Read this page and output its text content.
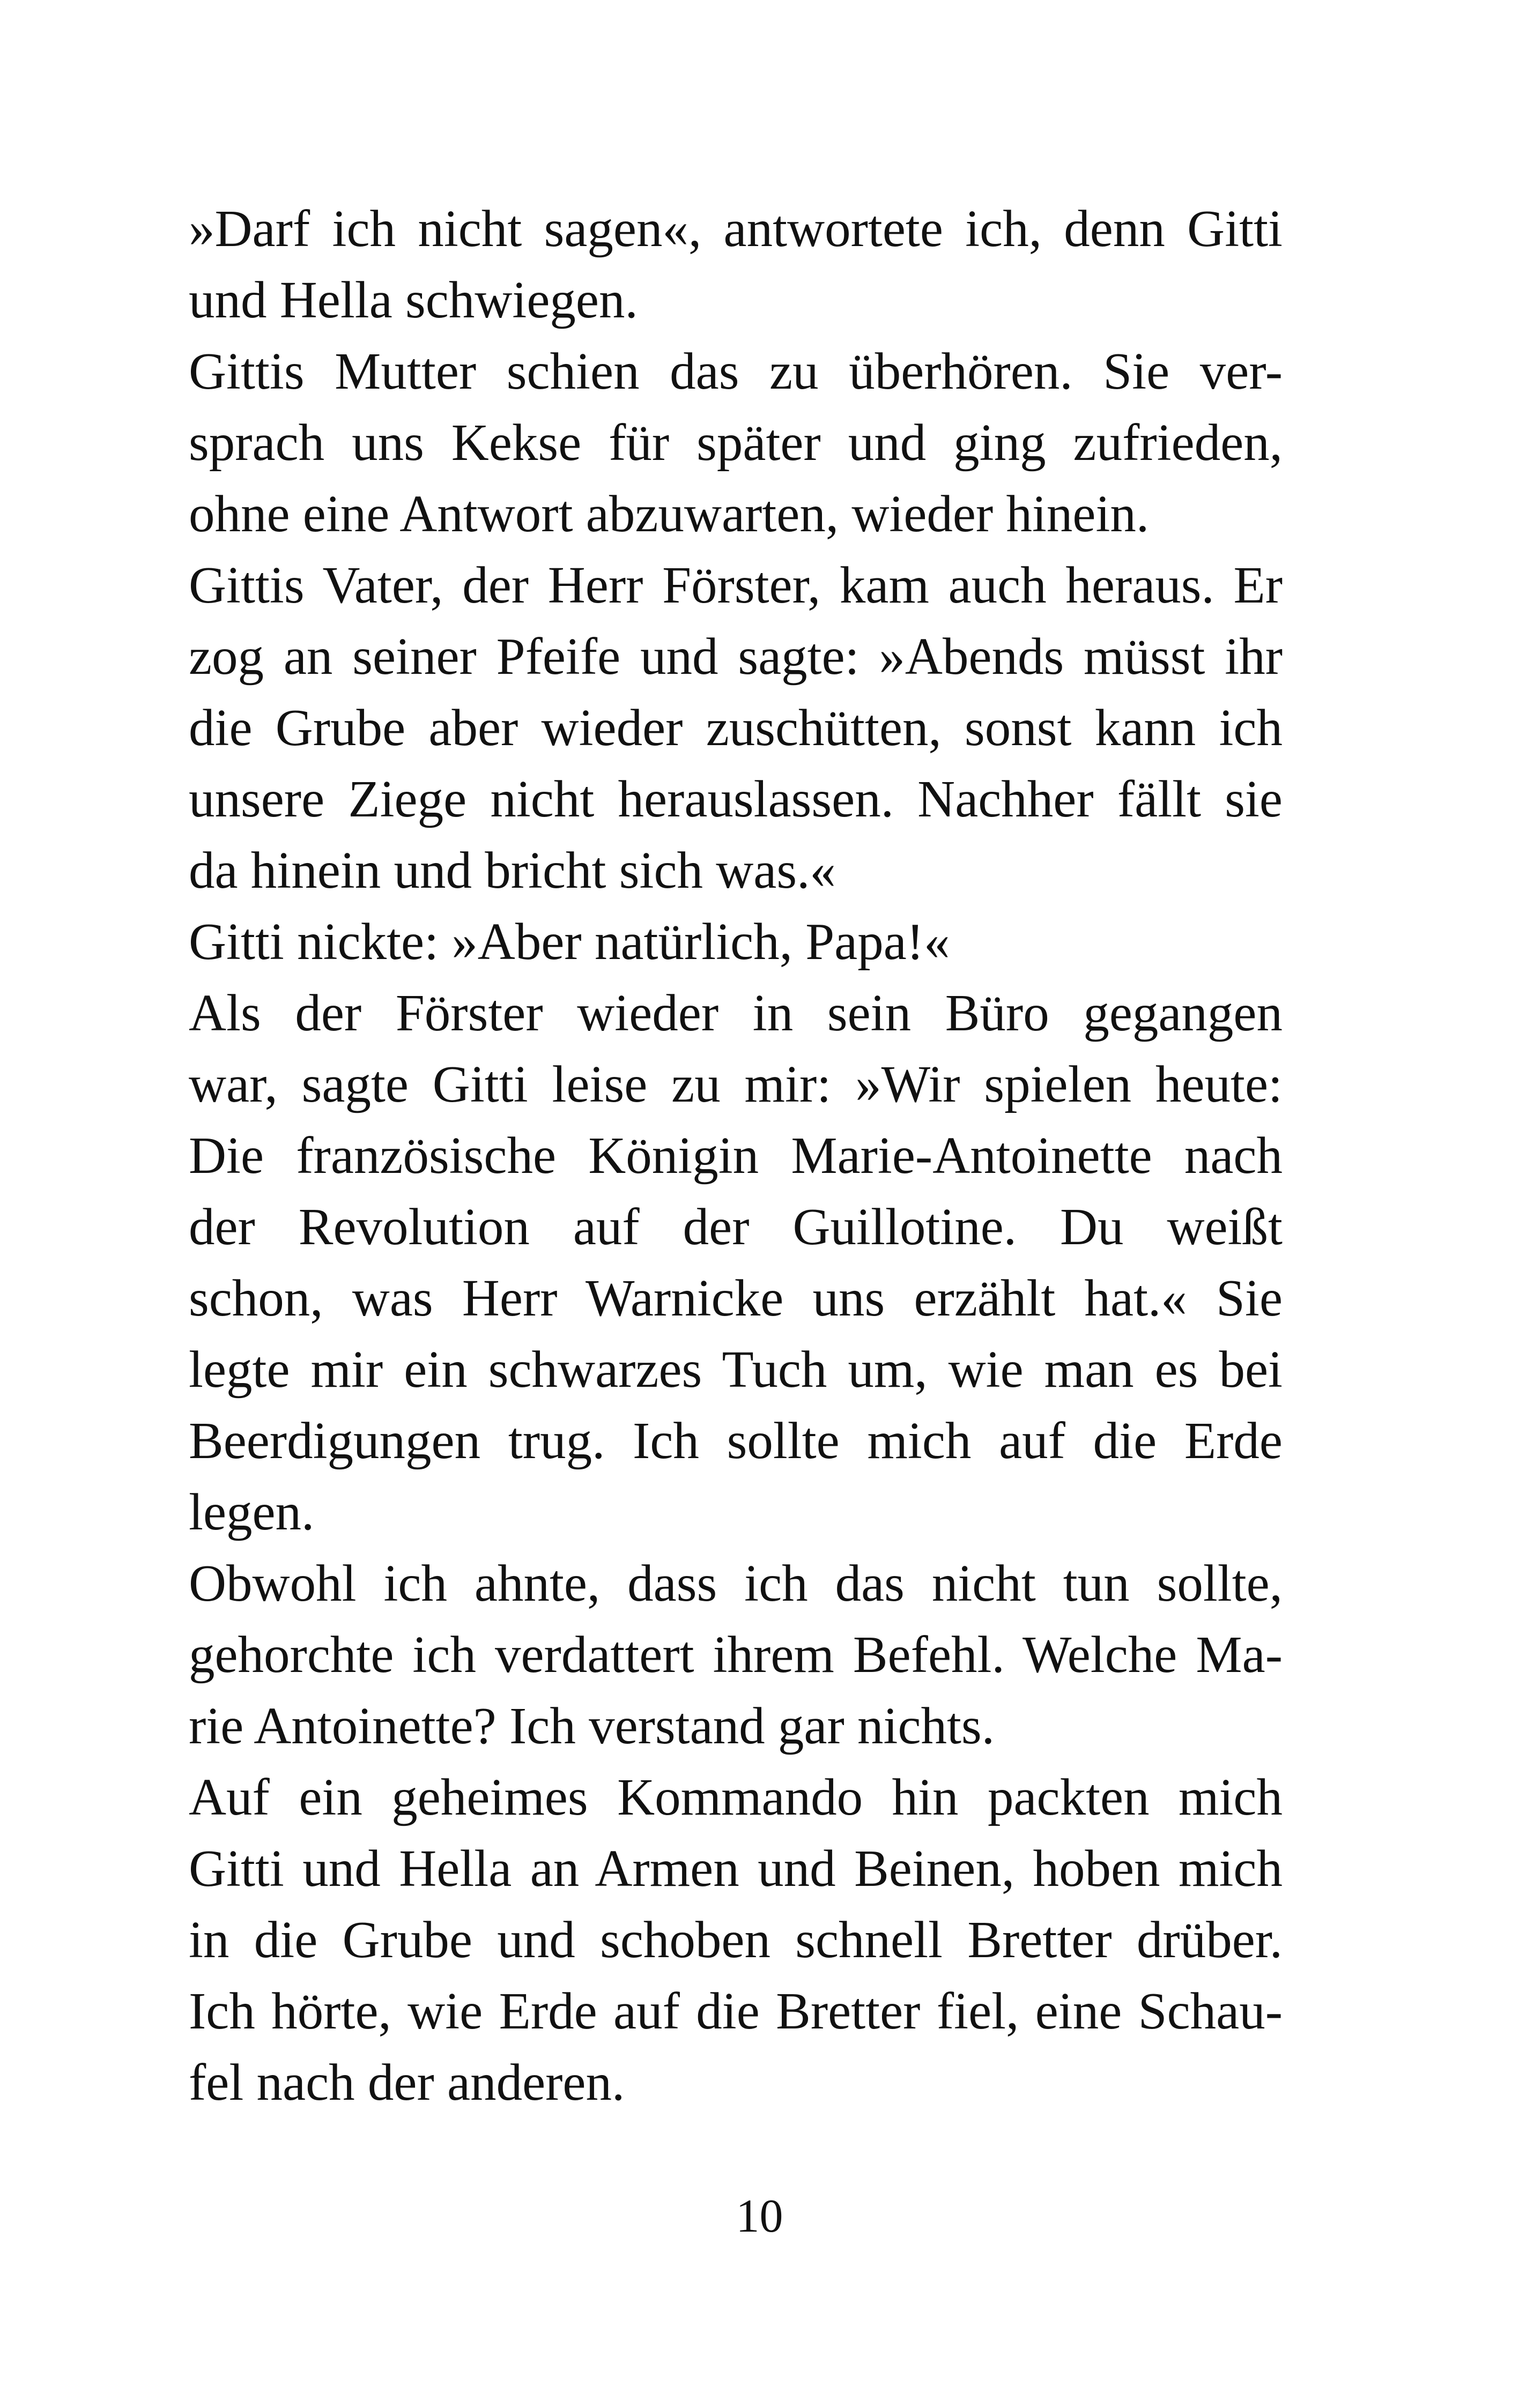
»Darf ich nicht sagen«, antwortete ich, denn Gitti
und Hella schwiegen.

Gittis Mutter schien das zu überhören. Sie ver-
sprach uns Kekse für später und ging zufrieden,
ohne eine Antwort abzuwarten, wieder hinein.

Gittis Vater, der Herr Förster, kam auch heraus. Er
zog an seiner Pfeife und sagte: »Abends müsst ihr
die Grube aber wieder zuschütten, sonst kann ich
unsere Ziege nicht herauslassen. Nachher fällt sie
da hinein und bricht sich was.«

Gitti nickte: »Aber natürlich, Papa!«

Als der Förster wieder in sein Büro gegangen
war, sagte Gitti leise zu mir: »Wir spielen heute:
Die französische Königin Marie-Antoinette nach
der Revolution auf der Guillotine. Du weißt
schon, was Herr Warnicke uns erzählt hat.« Sie
legte mir ein schwarzes Tuch um, wie man es bei
Beerdigungen trug. Ich sollte mich auf die Erde
legen.

Obwohl ich ahnte, dass ich das nicht tun sollte,
gehorchte ich verdattert ihrem Befehl. Welche Ma-
rie Antoinette? Ich verstand gar nichts.

Auf ein geheimes Kommando hin packten mich
Gitti und Hella an Armen und Beinen, hoben mich
in die Grube und schoben schnell Bretter drüber.
Ich hörte, wie Erde auf die Bretter fiel, eine Schau-
fel nach der anderen.

10
